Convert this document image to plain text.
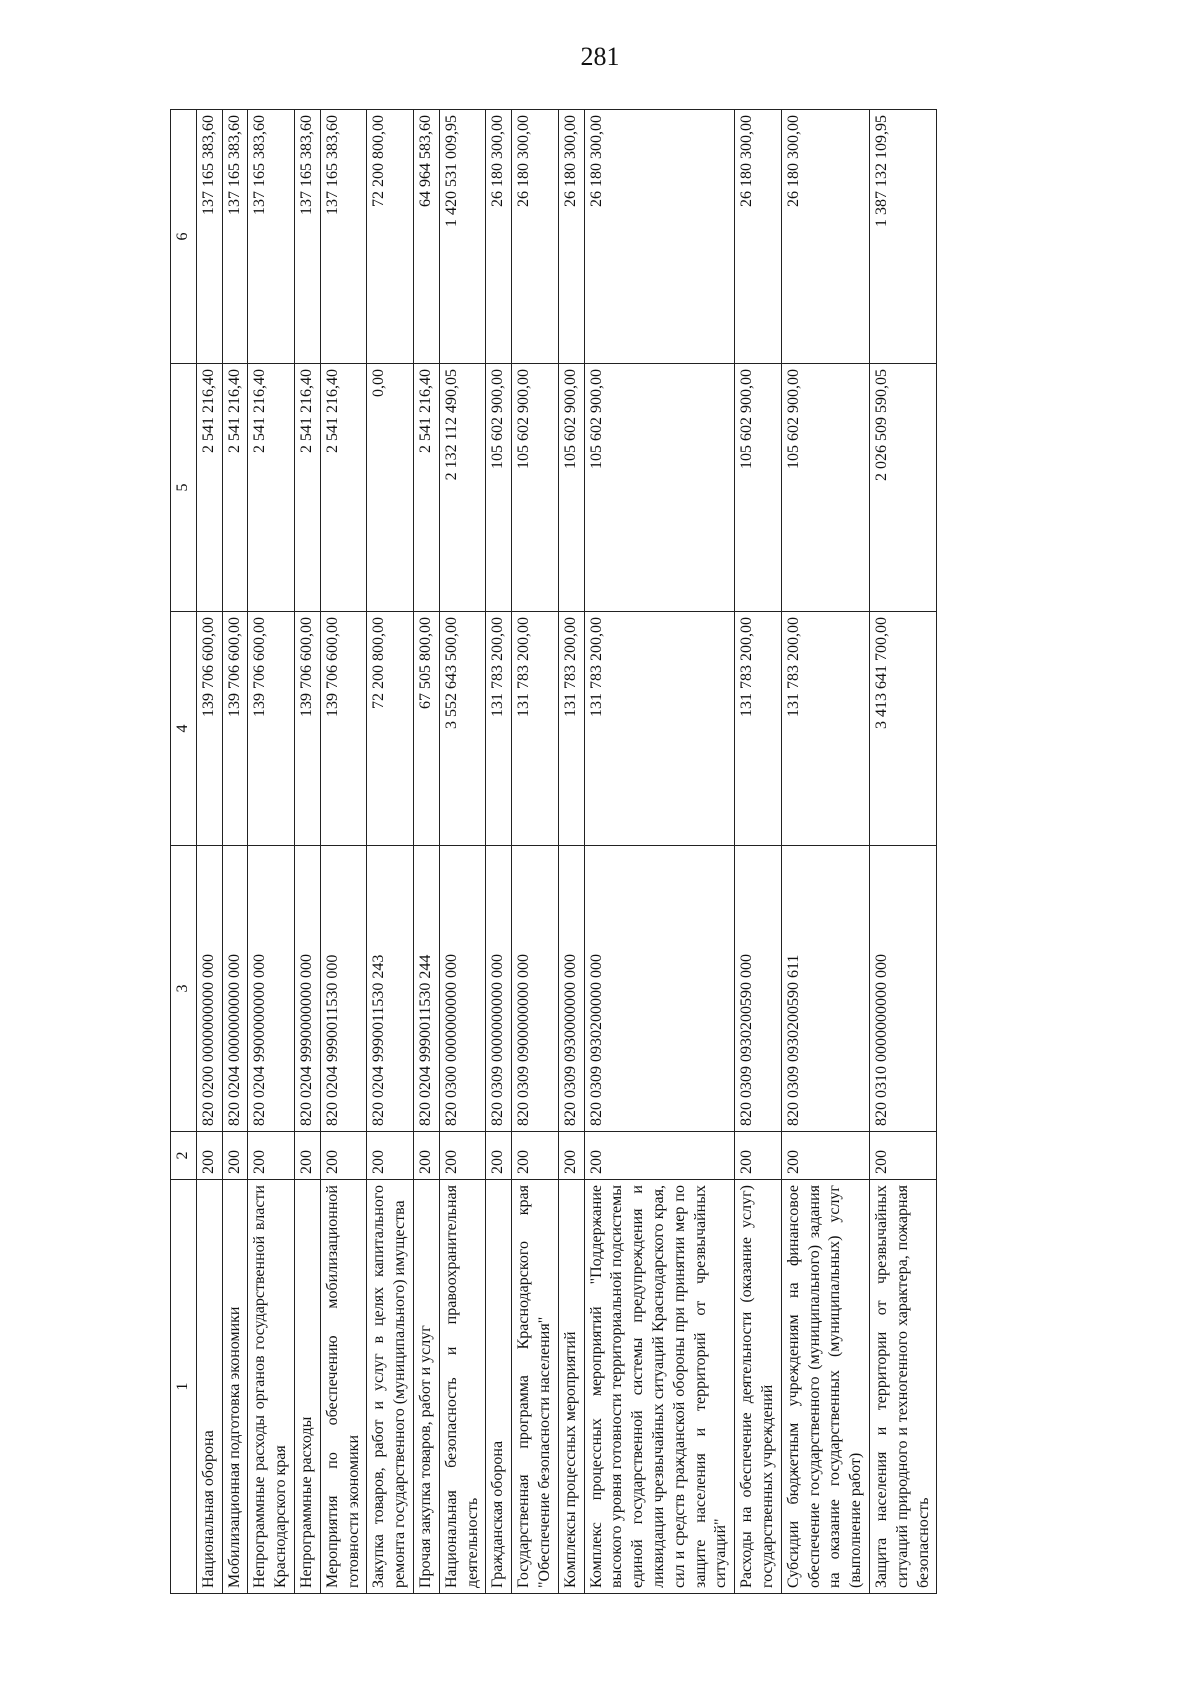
281
1	2	3	4	5	6
Национальная оборона	200	820 0200 0000000000 000	139 706 600,00	2 541 216,40	137 165 383,60
Мобилизационная подготовка экономики	200	820 0204 0000000000 000	139 706 600,00	2 541 216,40	137 165 383,60
Непрограммные расходы органов государственной власти Краснодарского края	200	820 0204 9900000000 000	139 706 600,00	2 541 216,40	137 165 383,60
Непрограммные расходы	200	820 0204 9990000000 000	139 706 600,00	2 541 216,40	137 165 383,60
Мероприятия по обеспечению мобилизационной готовности экономики	200	820 0204 9990011530 000	139 706 600,00	2 541 216,40	137 165 383,60
Закупка товаров, работ и услуг в целях капитального ремонта государственного (муниципального) имущества	200	820 0204 9990011530 243	72 200 800,00	0,00	72 200 800,00
Прочая закупка товаров, работ и услуг	200	820 0204 9990011530 244	67 505 800,00	2 541 216,40	64 964 583,60
Национальная безопасность и правоохранительная деятельность	200	820 0300 0000000000 000	3 552 643 500,00	2 132 112 490,05	1 420 531 009,95
Гражданская оборона	200	820 0309 0000000000 000	131 783 200,00	105 602 900,00	26 180 300,00
Государственная программа Краснодарского края "Обеспечение безопасности населения"	200	820 0309 0900000000 000	131 783 200,00	105 602 900,00	26 180 300,00
Комплексы процессных мероприятий	200	820 0309 0930000000 000	131 783 200,00	105 602 900,00	26 180 300,00
Комплекс процессных мероприятий "Поддержание высокого уровня готовности территориальной подсистемы единой государственной системы предупреждения и ликвидации чрезвычайных ситуаций Краснодарского края, сил и средств гражданской обороны при принятии мер по защите населения и территорий от чрезвычайных ситуаций"	200	820 0309 0930200000 000	131 783 200,00	105 602 900,00	26 180 300,00
Расходы на обеспечение деятельности (оказание услуг) государственных учреждений	200	820 0309 0930200590 000	131 783 200,00	105 602 900,00	26 180 300,00
Субсидии бюджетным учреждениям на финансовое обеспечение государственного (муниципального) задания на оказание государственных (муниципальных) услуг (выполнение работ)	200	820 0309 0930200590 611	131 783 200,00	105 602 900,00	26 180 300,00
Защита населения и территории от чрезвычайных ситуаций природного и техногенного характера, пожарная безопасность	200	820 0310 0000000000 000	3 413 641 700,00	2 026 509 590,05	1 387 132 109,95
